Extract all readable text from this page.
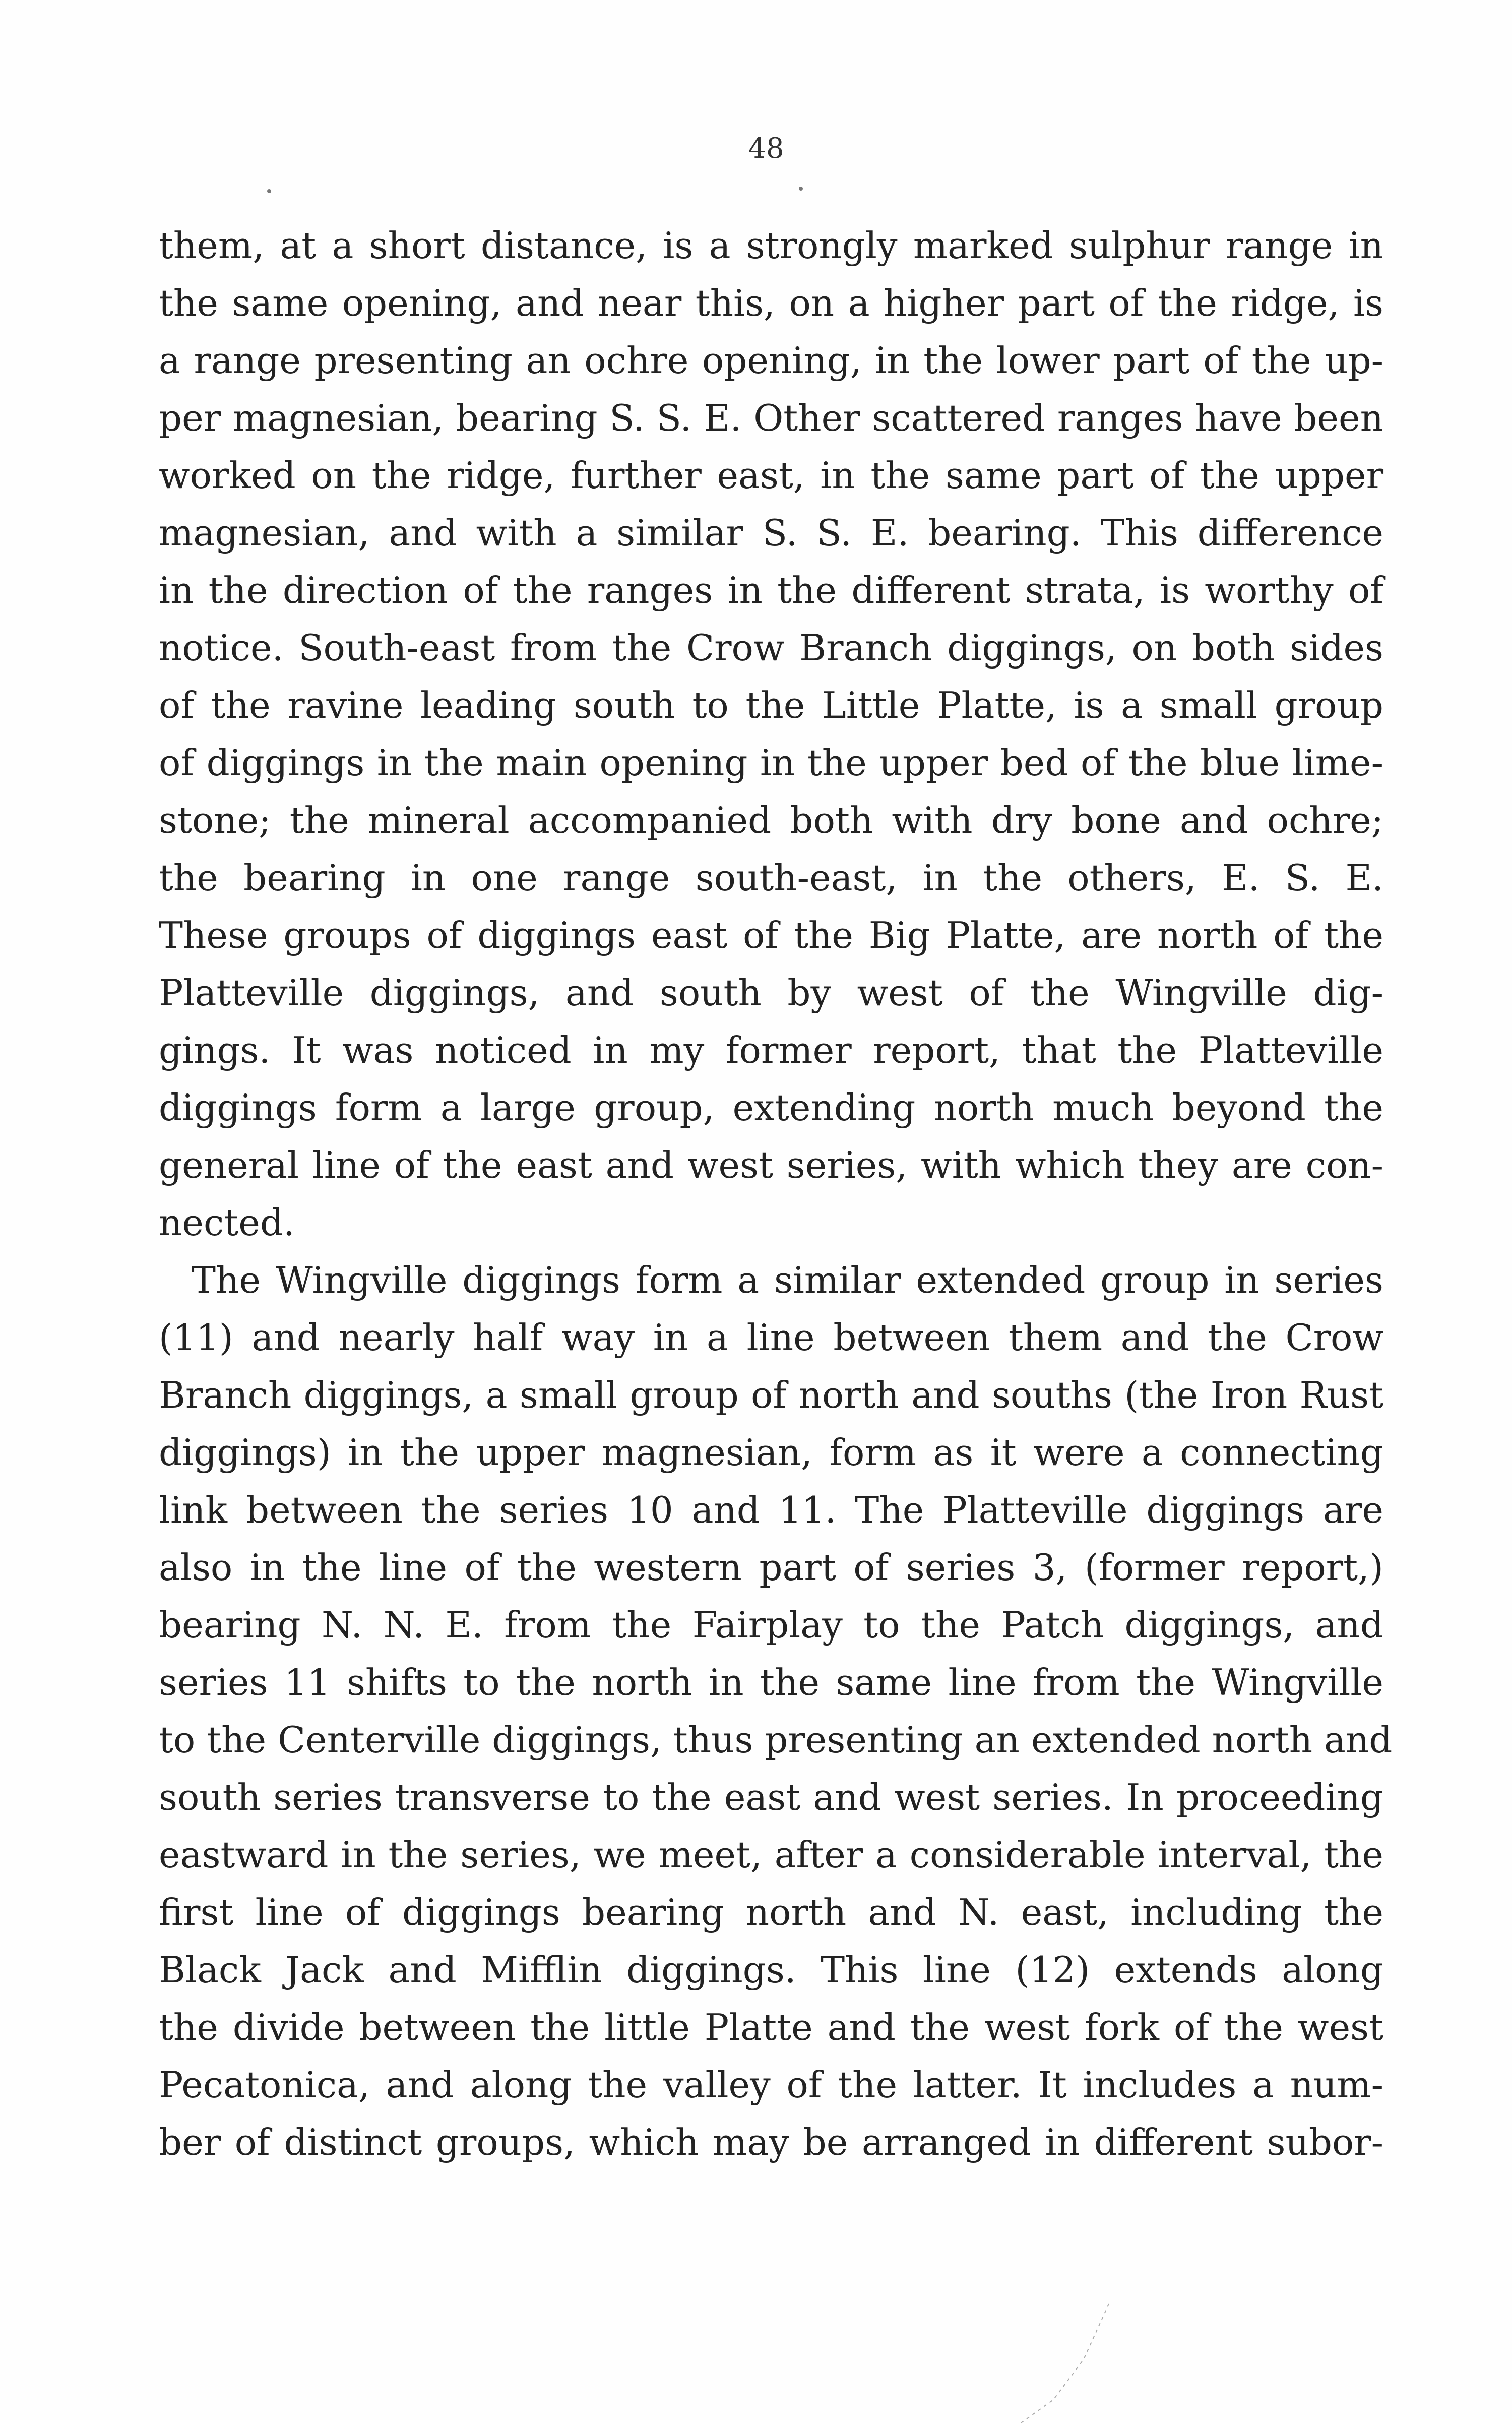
48
them, at a short distance, is a strongly marked sulphur range in
the same opening, and near this, on a higher part of the ridge, is
a range presenting an ochre opening, in the lower part of the up-
per magnesian, bearing S. S. E. Other scattered ranges have been
worked on the ridge, further east, in the same part of the upper
magnesian, and with a similar S. S. E. bearing. This difference
in the direction of the ranges in the different strata, is worthy of
notice. South-east from the Crow Branch diggings, on both sides
of the ravine leading south to the Little Platte, is a small group
of diggings in the main opening in the upper bed of the blue lime-
stone; the mineral accompanied both with dry bone and ochre;
the bearing in one range south-east, in the others, E. S. E.
These groups of diggings east of the Big Platte, are north of the
Platteville diggings, and south by west of the Wingville dig-
gings. It was noticed in my former report, that the Platteville
diggings form a large group, extending north much beyond the
general line of the east and west series, with which they are con-
nected.
The Wingville diggings form a similar extended group in series
(11) and nearly half way in a line between them and the Crow
Branch diggings, a small group of north and souths (the Iron Rust
diggings) in the upper magnesian, form as it were a connecting
link between the series 10 and 11. The Platteville diggings are
also in the line of the western part of series 3, (former report,)
bearing N. N. E. from the Fairplay to the Patch diggings, and
series 11 shifts to the north in the same line from the Wingville
to the Centerville diggings, thus presenting an extended north and
south series transverse to the east and west series. In proceeding
eastward in the series, we meet, after a considerable interval, the
first line of diggings bearing north and N. east, including the
Black Jack and Mifflin diggings. This line (12) extends along
the divide between the little Platte and the west fork of the west
Pecatonica, and along the valley of the latter. It includes a num-
ber of distinct groups, which may be arranged in different subor-
